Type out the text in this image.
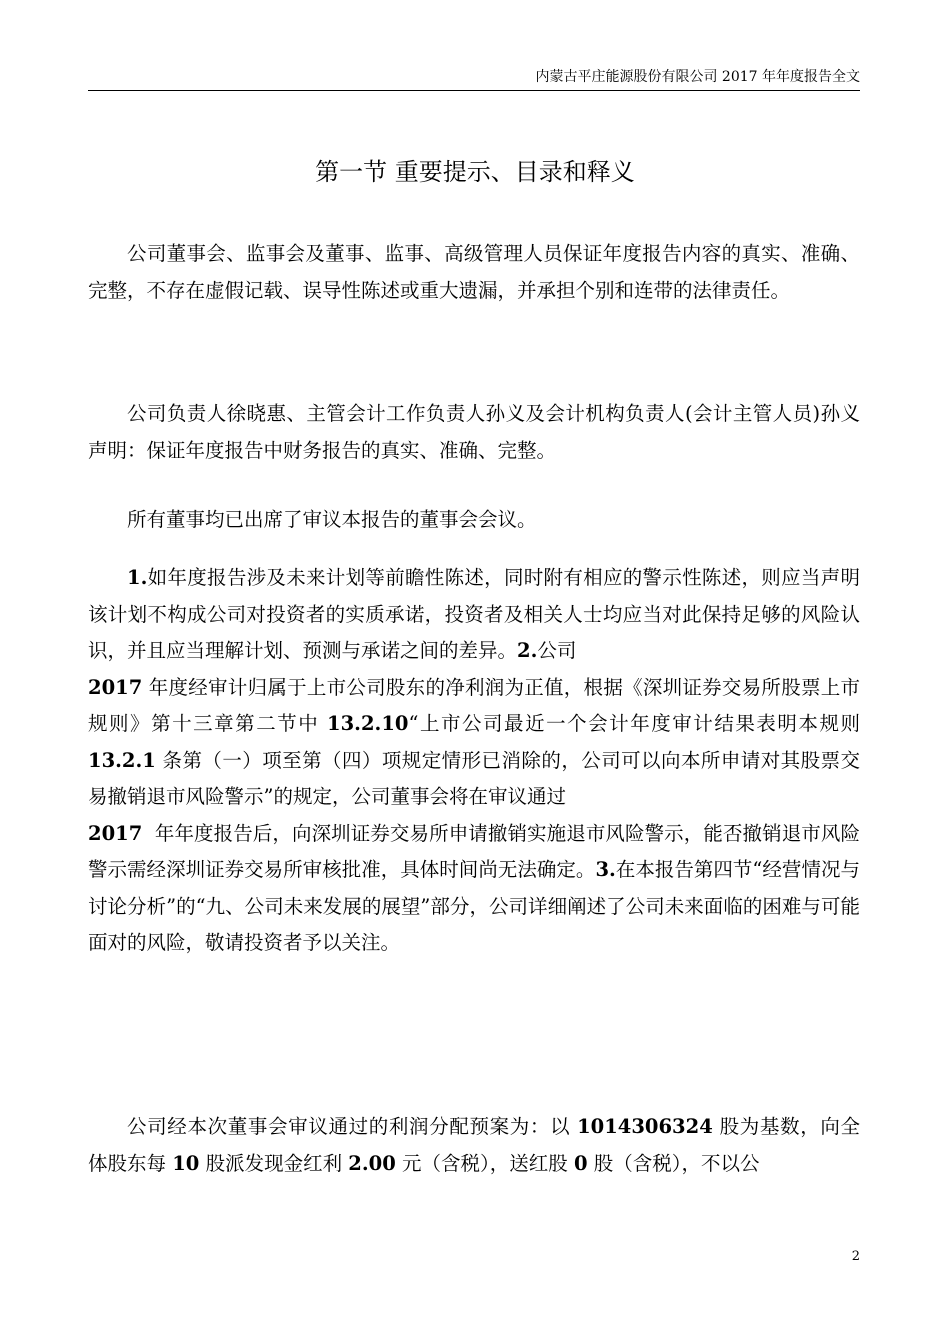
内蒙古平庄能源股份有限公司 2017 年年度报告全文
第一节 重要提示、目录和释义

公司董事会、监事会及董事、监事、高级管理人员保证年度报告内容的真实、准确、完整，不存在虚假记载、误导性陈述或重大遗漏，并承担个别和连带的法律责任。

公司负责人徐晓惠、主管会计工作负责人孙义及会计机构负责人(会计主管人员)孙义声明：保证年度报告中财务报告的真实、准确、完整。

所有董事均已出席了审议本报告的董事会会议。

1.如年度报告涉及未来计划等前瞻性陈述，同时附有相应的警示性陈述，则应当声明该计划不构成公司对投资者的实质承诺，投资者及相关人士均应当对此保持足够的风险认识，并且应当理解计划、预测与承诺之间的差异。2.公司
2017 年度经审计归属于上市公司股东的净利润为正值，根据《深圳证券交易所股票上市规则》第十三章第二节中 13.2.10“上市公司最近一个会计年度审计结果表明本规则 13.2.1 条第（一）项至第（四）项规定情形已消除的，公司可以向本所申请对其股票交易撤销退市风险警示”的规定，公司董事会将在审议通过
2017 年年度报告后，向深圳证券交易所申请撤销实施退市风险警示，能否撤销退市风险警示需经深圳证券交易所审核批准，具体时间尚无法确定。3.在本报告第四节“经营情况与讨论分析”的“九、公司未来发展的展望”部分，公司详细阐述了公司未来面临的困难与可能面对的风险，敬请投资者予以关注。

公司经本次董事会审议通过的利润分配预案为：以 1014306324 股为基数，向全体股东每 10 股派发现金红利 2.00 元（含税），送红股 0 股（含税），不以公

2
